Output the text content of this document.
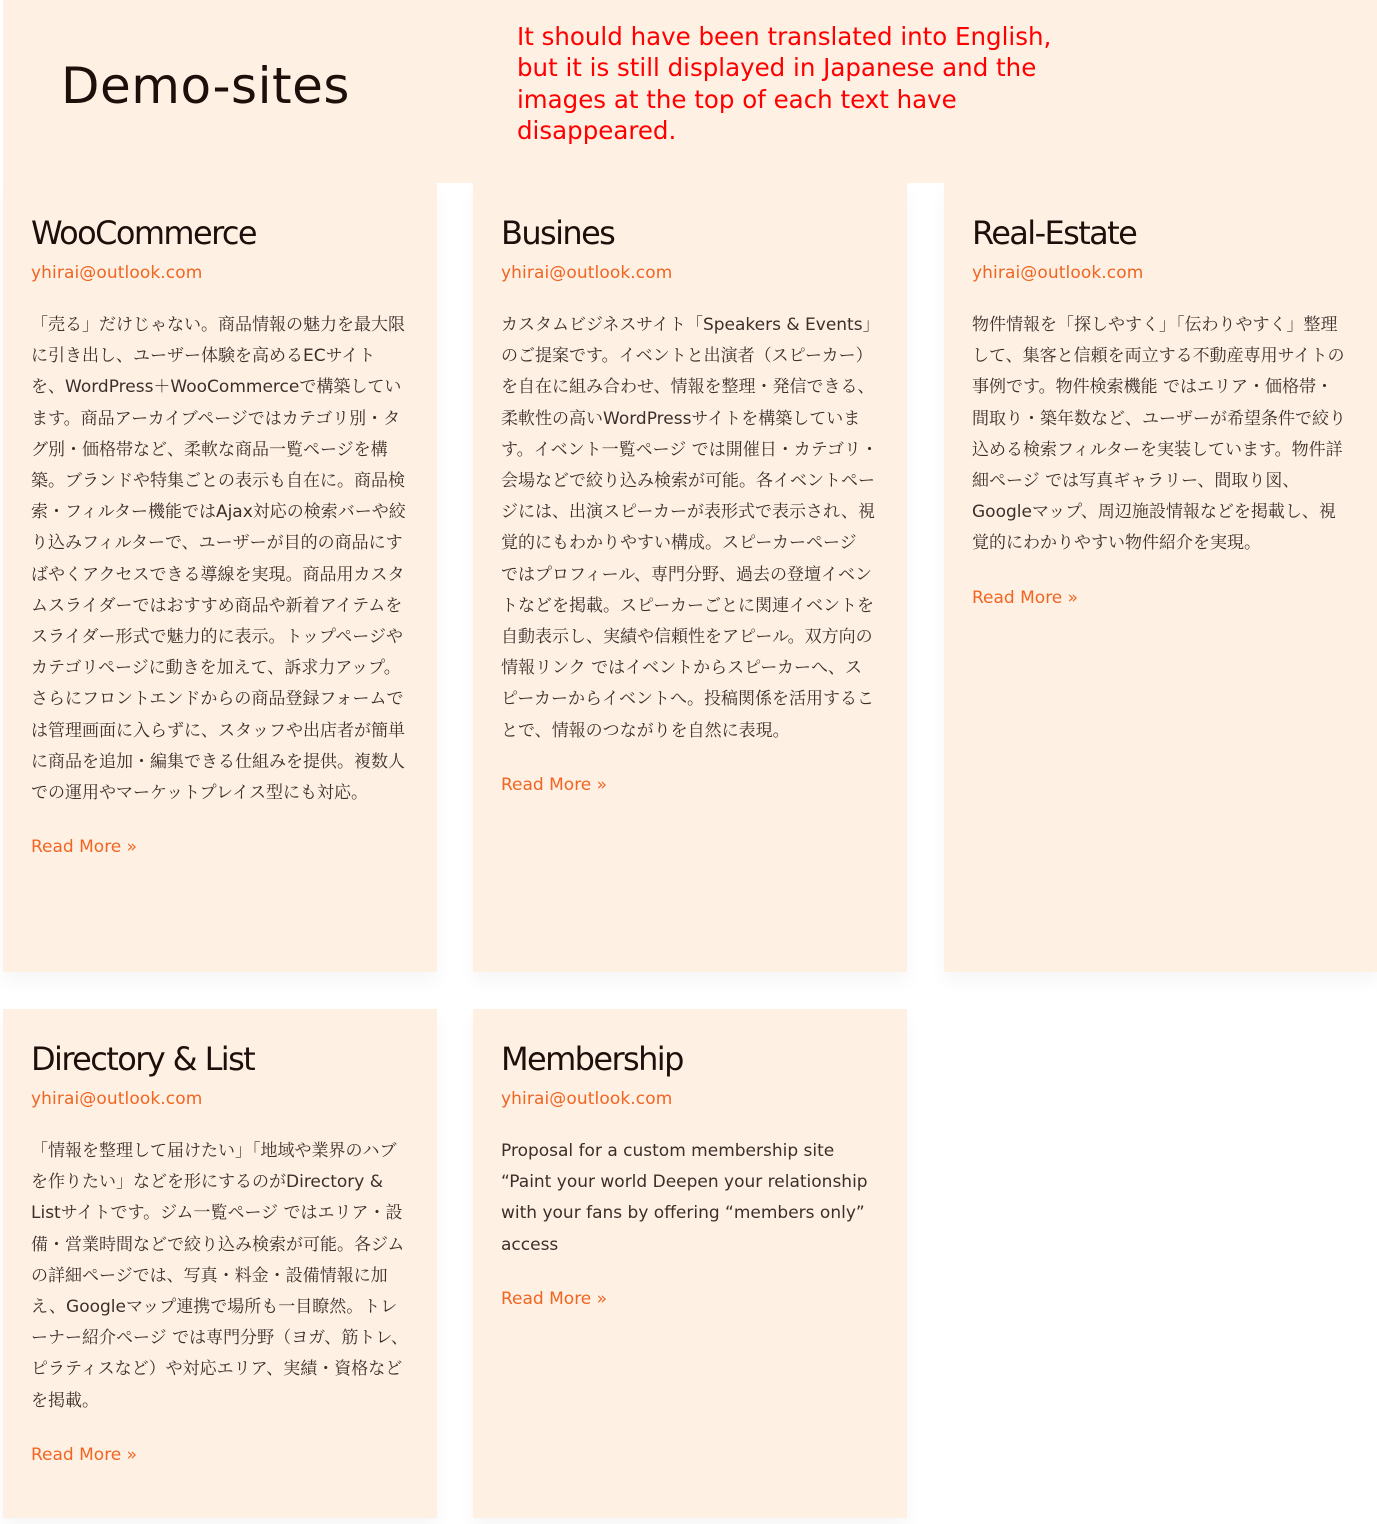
Demo-sites

It should have been translated into English, but it is still displayed in Japanese and the images at the top of each text have disappeared.

WooCommerce
yhirai@outlook.com

「売る」だけじゃない。商品情報の魅力を最大限に引き出し、ユーザー体験を高めるECサイトを、WordPress＋WooCommerceで構築しています。商品アーカイブページではカテゴリ別・タグ別・価格帯など、柔軟な商品一覧ページを構築。ブランドや特集ごとの表示も自在に。商品検索・フィルター機能ではAjax対応の検索バーや絞り込みフィルターで、ユーザーが目的の商品にすばやくアクセスできる導線を実現。商品用カスタムスライダーではおすすめ商品や新着アイテムをスライダー形式で魅力的に表示。トップページやカテゴリページに動きを加えて、訴求力アップ。さらにフロントエンドからの商品登録フォームでは管理画面に入らずに、スタッフや出店者が簡単に商品を追加・編集できる仕組みを提供。複数人での運用やマーケットプレイス型にも対応。

Read More »
Busines
yhirai@outlook.com

カスタムビジネスサイト「Speakers & Events」のご提案です。イベントと出演者（スピーカー）を自在に組み合わせ、情報を整理・発信できる、柔軟性の高いWordPressサイトを構築しています。イベント一覧ページ では開催日・カテゴリ・会場などで絞り込み検索が可能。各イベントページには、出演スピーカーが表形式で表示され、視覚的にもわかりやすい構成。スピーカーページ ではプロフィール、専門分野、過去の登壇イベントなどを掲載。スピーカーごとに関連イベントを自動表示し、実績や信頼性をアピール。双方向の情報リンク ではイベントからスピーカーへ、スピーカーからイベントへ。投稿関係を活用することで、情報のつながりを自然に表現。

Read More »
Real-Estate
yhirai@outlook.com

物件情報を「探しやすく」「伝わりやすく」整理して、集客と信頼を両立する不動産専用サイトの事例です。物件検索機能 ではエリア・価格帯・間取り・築年数など、ユーザーが希望条件で絞り込める検索フィルターを実装しています。物件詳細ページ では写真ギャラリー、間取り図、Googleマップ、周辺施設情報などを掲載し、視覚的にわかりやすい物件紹介を実現。

Read More »
Directory & List
yhirai@outlook.com

「情報を整理して届けたい」「地域や業界のハブを作りたい」などを形にするのがDirectory & Listサイトです。ジム一覧ページ ではエリア・設備・営業時間などで絞り込み検索が可能。各ジムの詳細ページでは、写真・料金・設備情報に加え、Googleマップ連携で場所も一目瞭然。トレーナー紹介ページ では専門分野（ヨガ、筋トレ、ピラティスなど）や対応エリア、実績・資格などを掲載。

Read More »
Membership
yhirai@outlook.com

Proposal for a custom membership site “Paint your world Deepen your relationship with your fans by offering “members only” access

Read More »
